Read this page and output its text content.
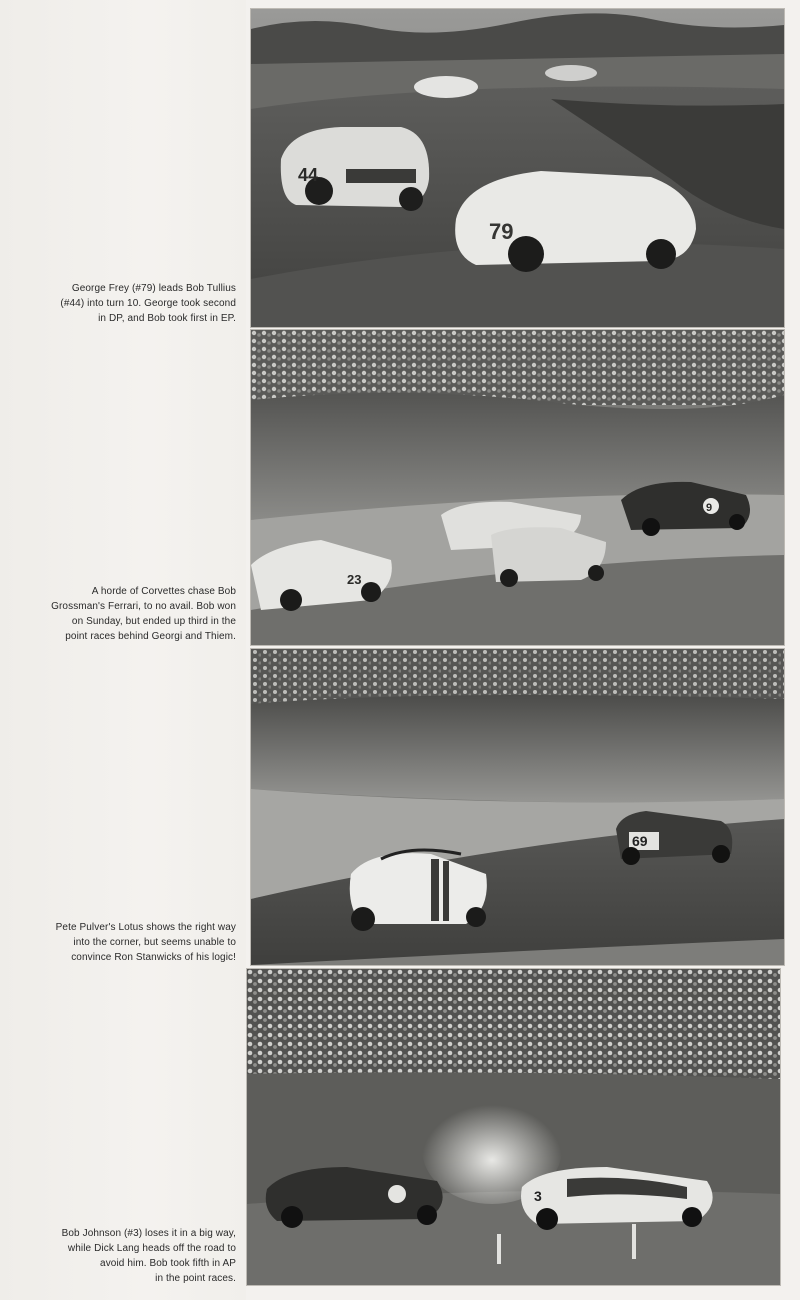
George Frey (#79) leads Bob Tullius
(#44) into turn 10. George took second
in DP, and Bob took first in EP.
44
79
A horde of Corvettes chase Bob
Grossman's Ferrari, to no avail. Bob won
on Sunday, but ended up third in the
point races behind Georgi and Thiem.
23
9
Pete Pulver's Lotus shows the right way
into the corner, but seems unable to
convince Ron Stanwicks of his logic!
69
Bob Johnson (#3) loses it in a big way,
while Dick Lang heads off the road to
avoid him. Bob took fifth in AP
in the point races.
3
